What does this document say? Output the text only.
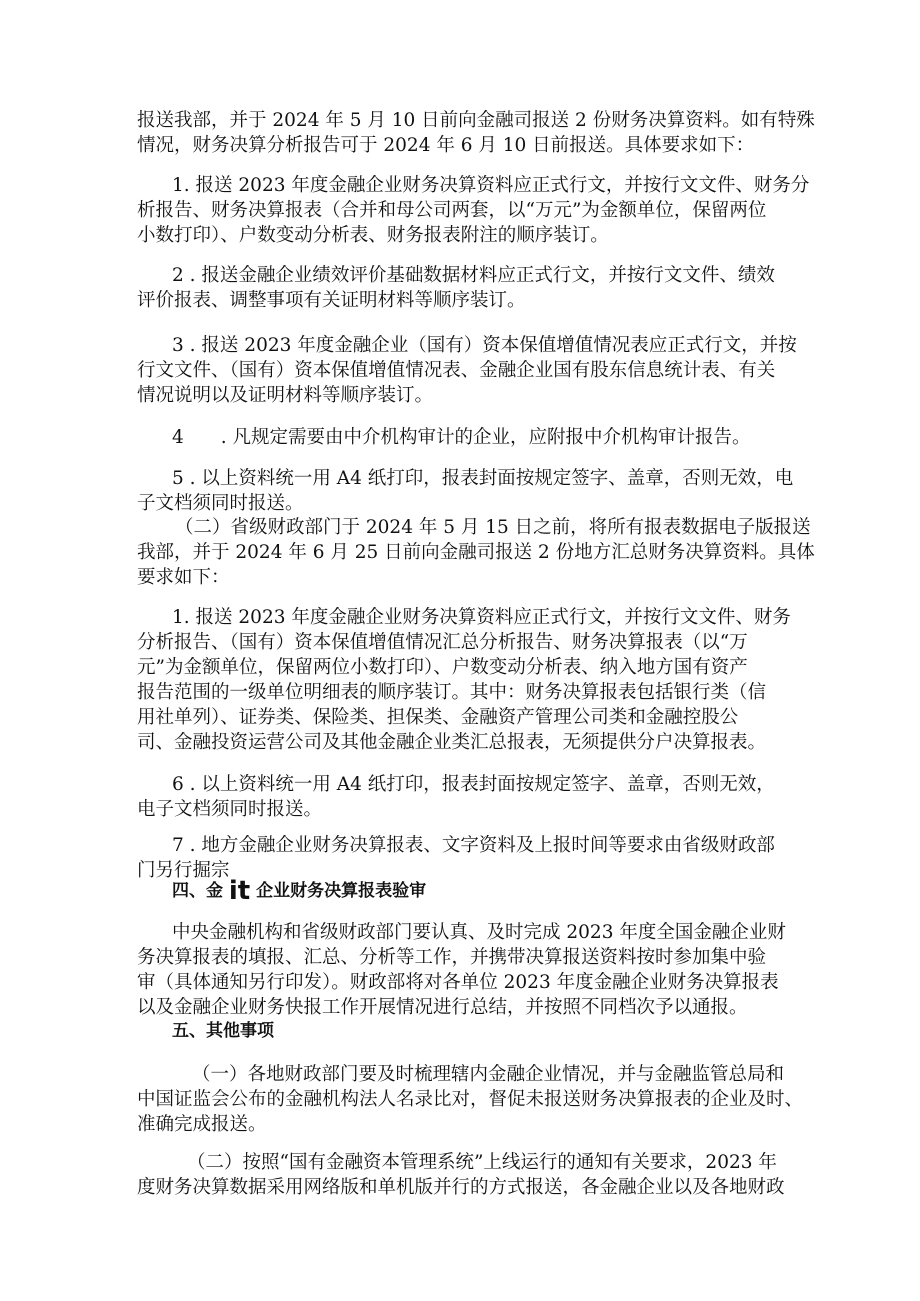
报送我部，并于 2024 年 5 月 10 日前向金融司报送 2 份财务决算资料。如有特殊
情况，财务决算分析报告可于 2024 年 6 月 10 日前报送。具体要求如下：
1. 报送 2023 年度金融企业财务决算资料应正式行文，并按行文文件、财务分
析报告、财务决算报表（合并和母公司两套，以“万元”为金额单位，保留两位
小数打印）、户数变动分析表、财务报表附注的顺序装订。
2 . 报送金融企业绩效评价基础数据材料应正式行文，并按行文文件、绩效
评价报表、调整事项有关证明材料等顺序装订。
3 . 报送 2023 年度金融企业（国有）资本保值增值情况表应正式行文，并按
行文文件、（国有）资本保值增值情况表、金融企业国有股东信息统计表、有关
情况说明以及证明材料等顺序装订。
4　　. 凡规定需要由中介机构审计的企业，应附报中介机构审计报告。
5 . 以上资料统一用 A4 纸打印，报表封面按规定签字、盖章，否则无效，电
子文档须同时报送。
（二）省级财政部门于 2024 年 5 月 15 日之前，将所有报表数据电子版报送
我部，并于 2024 年 6 月 25 日前向金融司报送 2 份地方汇总财务决算资料。具体
要求如下：
1. 报送 2023 年度金融企业财务决算资料应正式行文，并按行文文件、财务
分析报告、（国有）资本保值增值情况汇总分析报告、财务决算报表（以“万
元”为金额单位，保留两位小数打印）、户数变动分析表、纳入地方国有资产
报告范围的一级单位明细表的顺序装订。其中：财务决算报表包括银行类（信
用社单列）、证券类、保险类、担保类、金融资产管理公司类和金融控股公
司、金融投资运营公司及其他金融企业类汇总报表，无须提供分户决算报表。
6 . 以上资料统一用 A4 纸打印，报表封面按规定签字、盖章，否则无效，
电子文档须同时报送。
7 . 地方金融企业财务决算报表、文字资料及上报时间等要求由省级财政部
门另行掘宗
四、金 it 企业财务决算报表验审
中央金融机构和省级财政部门要认真、及时完成 2023 年度全国金融企业财
务决算报表的填报、汇总、分析等工作，并携带决算报送资料按时参加集中验
审（具体通知另行印发）。财政部将对各单位 2023 年度金融企业财务决算报表
以及金融企业财务快报工作开展情况进行总结，并按照不同档次予以通报。
五、其他事项
（一）各地财政部门要及时梳理辖内金融企业情况，并与金融监管总局和
中国证监会公布的金融机构法人名录比对，督促未报送财务决算报表的企业及时、
准确完成报送。
（二）按照“国有金融资本管理系统”上线运行的通知有关要求，2023 年
度财务决算数据采用网络版和单机版并行的方式报送，各金融企业以及各地财政
